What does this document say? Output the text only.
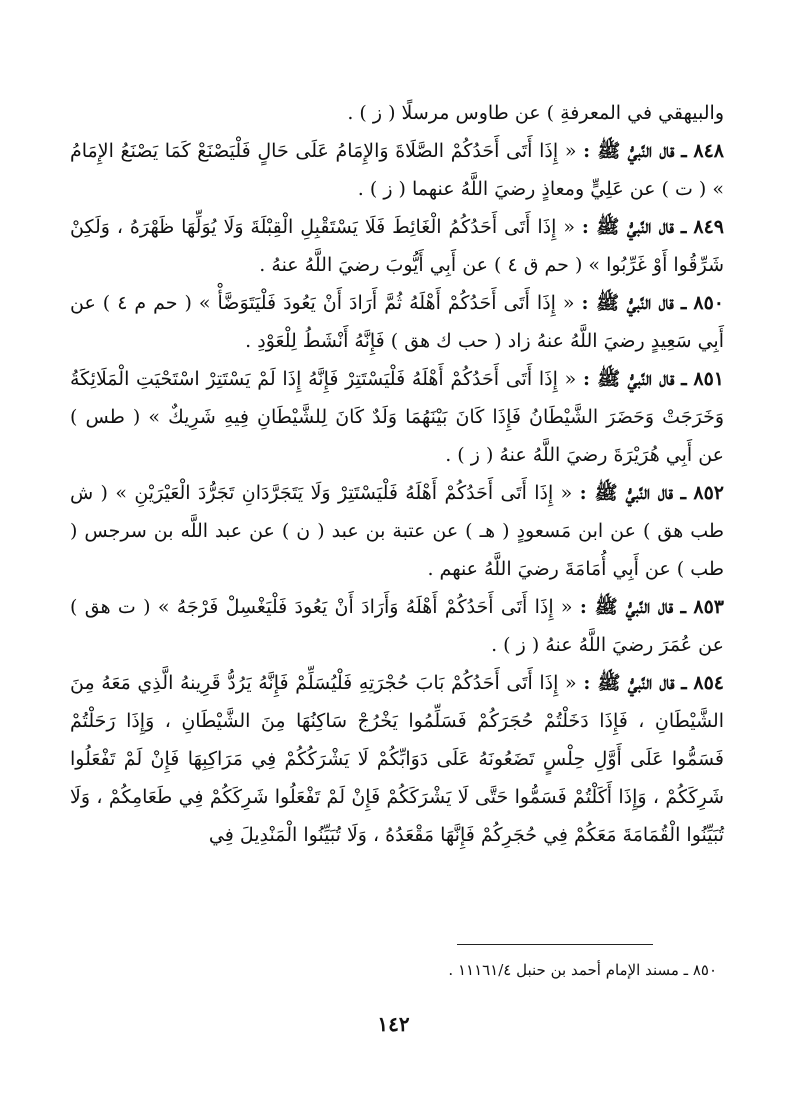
والبيهقي في المعرفةِ ) عن طاوس مرسلًا ( ز ) .

٨٤٨ ـ قال النَّبيُّ ﷺ : « إِذَا أَتَى أَحَدُكُمْ الصَّلَاةَ وَالإِمَامُ عَلَى حَالٍ فَلْيَصْنَعْ كَمَا يَصْنَعُ الإِمَامُ » ( ت ) عن عَلِيٍّ ومعاذٍ رضيَ اللَّهُ عنهما ( ز ) .

٨٤٩ ـ قال النَّبيُّ ﷺ : « إِذَا أَتَى أَحَدُكُمُ الْغَائِطَ فَلَا يَسْتَقْبِلِ الْقِبْلَةَ وَلَا يُوَلِّهَا ظَهْرَهُ ، وَلَكِنْ شَرِّقُوا أَوْ غَرِّبُوا » ( حم ق ٤ ) عن أَبِي أَيُّوبَ رضيَ اللَّهُ عنهُ .

٨٥٠ ـ قال النَّبيُّ ﷺ : « إِذَا أَتَى أَحَدُكُمْ أَهْلَهُ ثُمَّ أَرَادَ أَنْ يَعُودَ فَلْيَتَوَضَّأْ » ( حم م ٤ ) عن أَبِي سَعِيدٍ رضيَ اللَّهُ عنهُ زاد ( حب ك هق ) فَإِنَّهُ أَنْشَطُ لِلْعَوْدِ .

٨٥١ ـ قال النَّبيُّ ﷺ : « إِذَا أَتَى أَحَدُكُمْ أَهْلَهُ فَلْيَسْتَتِرْ فَإِنَّهُ إِذَا لَمْ يَسْتَتِرْ اسْتَحْيَتِ الْمَلَائِكَةُ وَخَرَجَتْ وَحَضَرَ الشَّيْطَانُ فَإِذَا كَانَ بَيْنَهُمَا وَلَدٌ كَانَ لِلشَّيْطَانِ فِيهِ شَرِيكٌ » ( طس ) عن أَبِي هُرَيْرَةَ رضيَ اللَّهُ عنهُ ( ز ) .

٨٥٢ ـ قال النَّبيُّ ﷺ : « إِذَا أَتَى أَحَدُكُمْ أَهْلَهُ فَلْيَسْتَتِرْ وَلَا يَتَجَرَّدَانِ تَجَرُّدَ الْعَيْرَيْنِ » ( ش طب هق ) عن ابن مَسعودٍ ( هـ ) عن عتبة بن عبد ( ن ) عن عبد اللَّه بن سرجس ( طب ) عن أَبِي أُمَامَةَ رضيَ اللَّهُ عنهم .

٨٥٣ ـ قال النَّبيُّ ﷺ : « إِذَا أَتَى أَحَدُكُمْ أَهْلَهُ وَأَرَادَ أَنْ يَعُودَ فَلْيَغْسِلْ فَرْجَهُ » ( ت هق ) عن عُمَرَ رضيَ اللَّهُ عنهُ ( ز ) .

٨٥٤ ـ قال النَّبيُّ ﷺ : « إِذَا أَتَى أَحَدُكُمْ بَابَ حُجْرَتِهِ فَلْيُسَلِّمْ فَإِنَّهُ يَرُدُّ قَرِينهُ الَّذِي مَعَهُ مِنَ الشَّيْطَانِ ، فَإِذَا دَخَلْتُمْ حُجَرَكُمْ فَسَلِّمُوا يَخْرُجْ سَاكِنُهَا مِنَ الشَّيْطَانِ ، وَإِذَا رَحَلْتُمْ فَسَمُّوا عَلَى أَوَّلِ حِلْسٍ تَضَعُونَهُ عَلَى دَوَابِّكُمْ لَا يَشْرَكُكُمْ فِي مَرَاكِبِهَا فَإِنْ لَمْ تَفْعَلُوا شَرِكَكُمْ ، وَإِذَا أَكَلْتُمْ فَسَمُّوا حَتَّى لَا يَشْرَكَكُمْ فَإِنْ لَمْ تَفْعَلُوا شَرِكَكُمْ فِي طَعَامِكُمْ ، وَلَا تُبَيِّنُوا الْقُمَامَةَ مَعَكُمْ فِي حُجَرِكُمْ فَإِنَّهَا مَقْعَدُهُ ، وَلَا تُبَيِّنُوا الْمَنْدِيلَ فِي

٨٥٠ ـ مسند الإمام أحمد بن حنبل ١١١٦١/٤ .
١٤٢
